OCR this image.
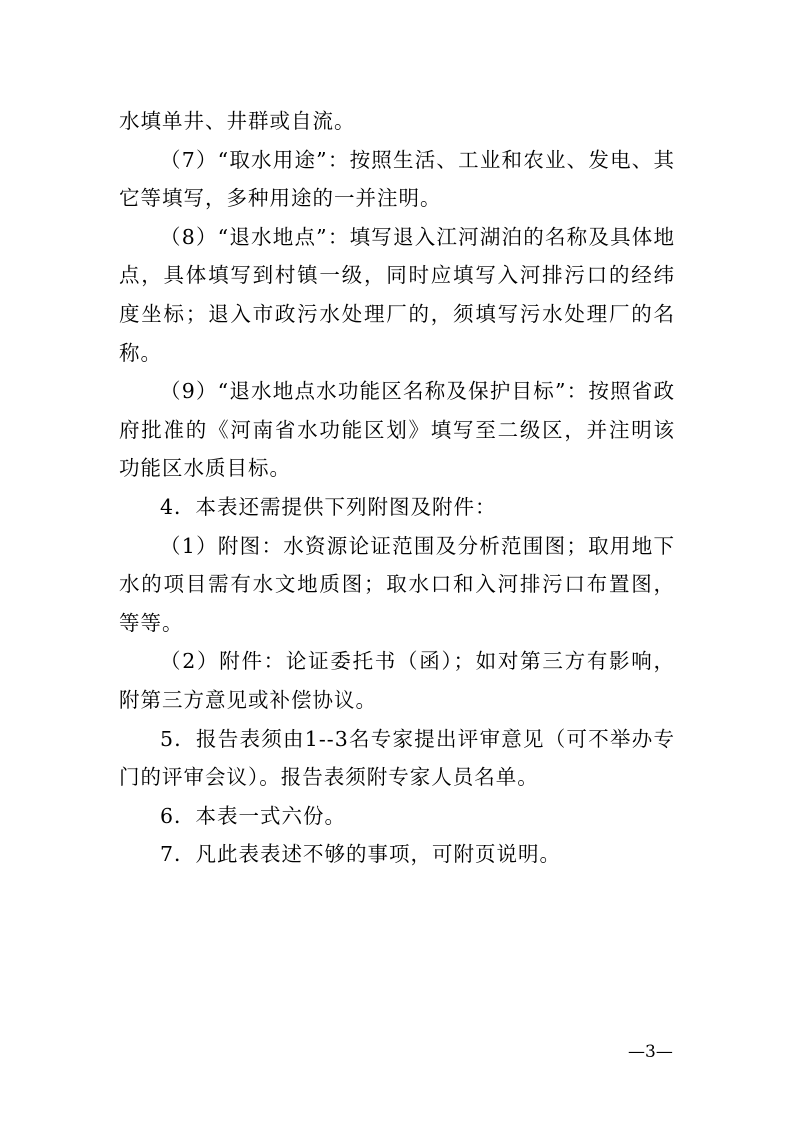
水填单井、井群或自流。

（7）“取水用途”：按照生活、工业和农业、发电、其它等填写，多种用途的一并注明。

（8）“退水地点”：填写退入江河湖泊的名称及具体地点，具体填写到村镇一级，同时应填写入河排污口的经纬度坐标；退入市政污水处理厂的，须填写污水处理厂的名称。

（9）“退水地点水功能区名称及保护目标”：按照省政府批准的《河南省水功能区划》填写至二级区，并注明该功能区水质目标。

4．本表还需提供下列附图及附件：

（1）附图：水资源论证范围及分析范围图；取用地下水的项目需有水文地质图；取水口和入河排污口布置图，等等。

（2）附件：论证委托书（函）；如对第三方有影响，附第三方意见或补偿协议。

5．报告表须由1--3名专家提出评审意见（可不举办专门的评审会议）。报告表须附专家人员名单。

6．本表一式六份。

7．凡此表表述不够的事项，可附页说明。

—3—
